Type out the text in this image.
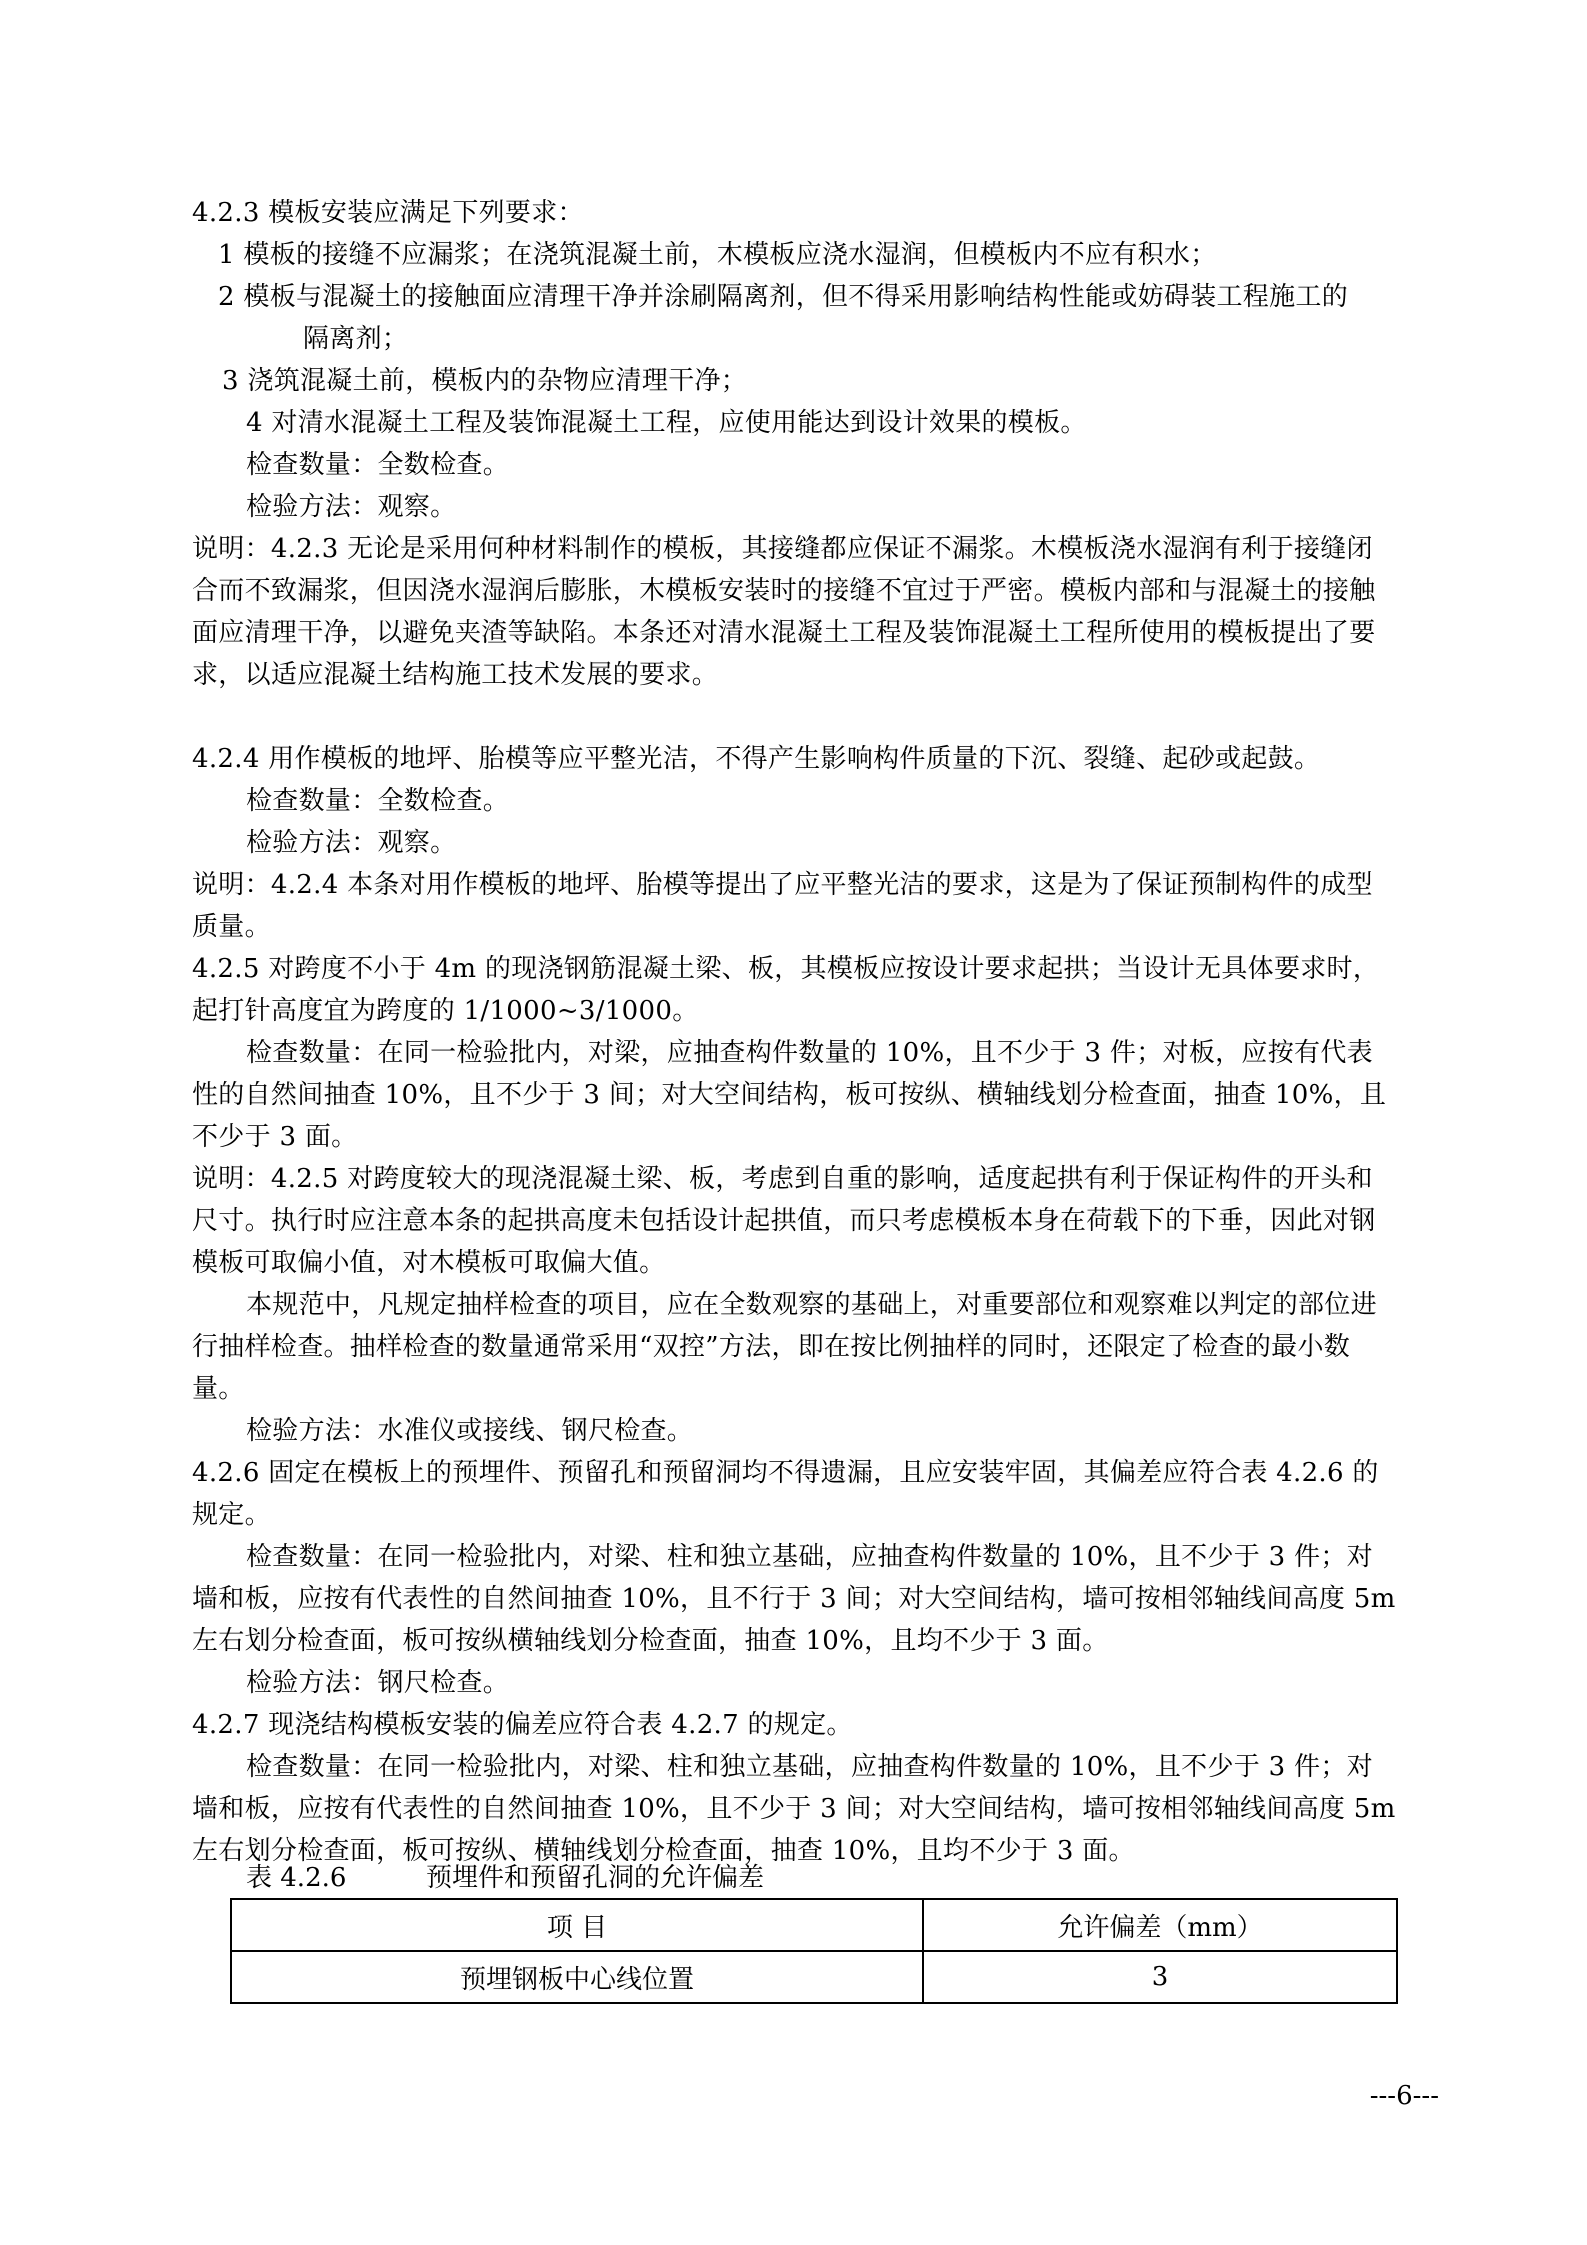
4.2.3 模板安装应满足下列要求：
1 模板的接缝不应漏浆；在浇筑混凝土前，木模板应浇水湿润，但模板内不应有积水；
2 模板与混凝土的接触面应清理干净并涂刷隔离剂，但不得采用影响结构性能或妨碍装工程施工的
隔离剂；
3 浇筑混凝土前，模板内的杂物应清理干净；
4 对清水混凝土工程及装饰混凝土工程，应使用能达到设计效果的模板。
检查数量：全数检查。
检验方法：观察。
说明：4.2.3 无论是采用何种材料制作的模板，其接缝都应保证不漏浆。木模板浇水湿润有利于接缝闭
合而不致漏浆，但因浇水湿润后膨胀，木模板安装时的接缝不宜过于严密。模板内部和与混凝土的接触
面应清理干净，以避免夹渣等缺陷。本条还对清水混凝土工程及装饰混凝土工程所使用的模板提出了要
求，以适应混凝土结构施工技术发展的要求。
4.2.4 用作模板的地坪、胎模等应平整光洁，不得产生影响构件质量的下沉、裂缝、起砂或起鼓。
检查数量：全数检查。
检验方法：观察。
说明：4.2.4 本条对用作模板的地坪、胎模等提出了应平整光洁的要求，这是为了保证预制构件的成型
质量。
4.2.5 对跨度不小于 4m 的现浇钢筋混凝土梁、板，其模板应按设计要求起拱；当设计无具体要求时，
起打针高度宜为跨度的 1/1000~3/1000。
检查数量：在同一检验批内，对梁，应抽查构件数量的 10%，且不少于 3 件；对板，应按有代表
性的自然间抽查 10%，且不少于 3 间；对大空间结构，板可按纵、横轴线划分检查面，抽查 10%，且
不少于 3 面。
说明：4.2.5 对跨度较大的现浇混凝土梁、板，考虑到自重的影响，适度起拱有利于保证构件的开头和
尺寸。执行时应注意本条的起拱高度未包括设计起拱值，而只考虑模板本身在荷载下的下垂，因此对钢
模板可取偏小值，对木模板可取偏大值。
本规范中，凡规定抽样检查的项目，应在全数观察的基础上，对重要部位和观察难以判定的部位进
行抽样检查。抽样检查的数量通常采用“双控”方法，即在按比例抽样的同时，还限定了检查的最小数
量。
检验方法：水准仪或接线、钢尺检查。
4.2.6 固定在模板上的预埋件、预留孔和预留洞均不得遗漏，且应安装牢固，其偏差应符合表 4.2.6 的
规定。
检查数量：在同一检验批内，对梁、柱和独立基础，应抽查构件数量的 10%，且不少于 3 件；对
墙和板，应按有代表性的自然间抽查 10%，且不行于 3 间；对大空间结构，墙可按相邻轴线间高度 5m
左右划分检查面，板可按纵横轴线划分检查面，抽查 10%，且均不少于 3 面。
检验方法：钢尺检查。
4.2.7 现浇结构模板安装的偏差应符合表 4.2.7 的规定。
检查数量：在同一检验批内，对梁、柱和独立基础，应抽查构件数量的 10%，且不少于 3 件；对
墙和板，应按有代表性的自然间抽查 10%，且不少于 3 间；对大空间结构，墙可按相邻轴线间高度 5m
左右划分检查面，板可按纵、横轴线划分检查面，抽查 10%，且均不少于 3 面。
表 4.2.6	预埋件和预留孔洞的允许偏差
项 目	允许偏差（mm）
预埋钢板中心线位置	3
---6---
